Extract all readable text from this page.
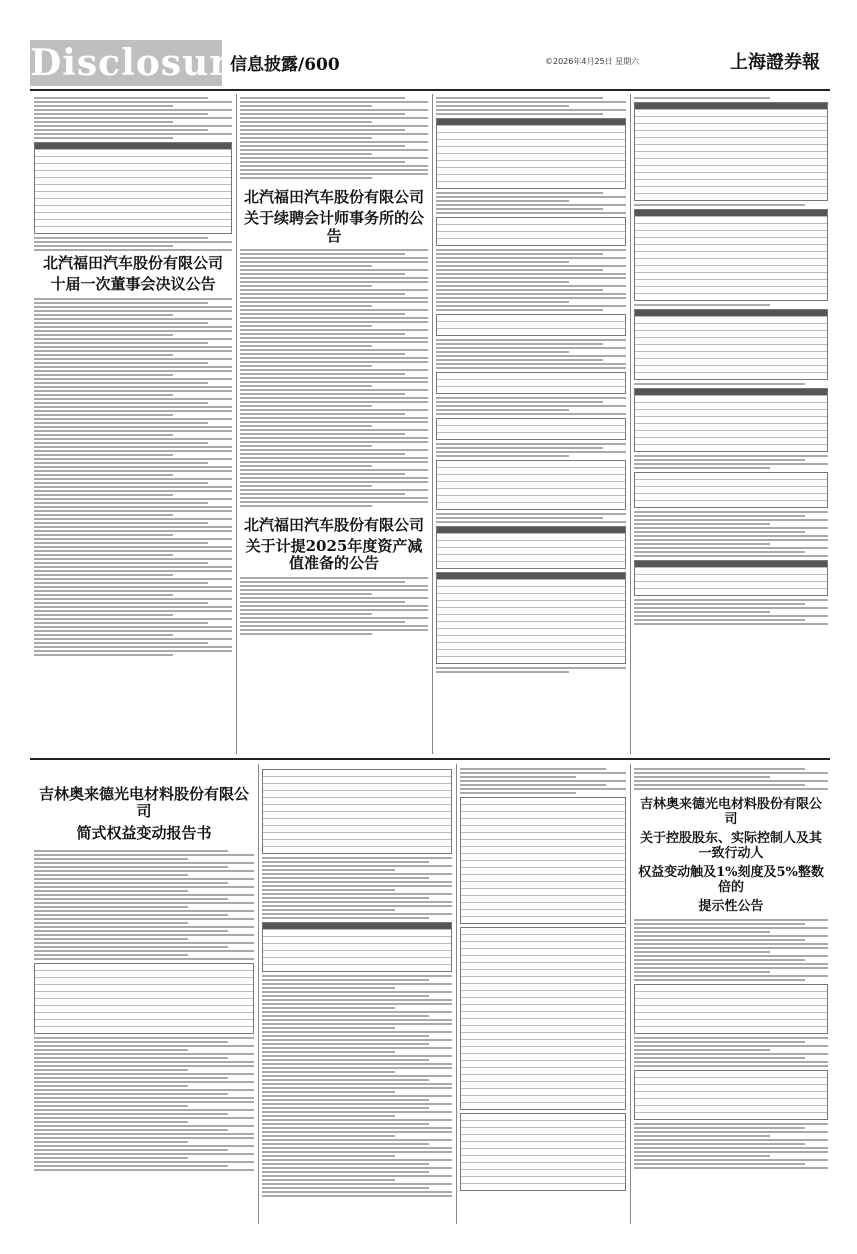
Disclosure
信息披露/600	©2026年4月25日 星期六	上海證券報
北汽福田汽车股份有限公司
十届一次董事会决议公告
北汽福田汽车股份有限公司
关于续聘会计师事务所的公告
北汽福田汽车股份有限公司
关于计提2025年度资产减值准备的公告
吉林奥来德光电材料股份有限公司
简式权益变动报告书
吉林奥来德光电材料股份有限公司
关于控股股东、实际控制人及其一致行动人
权益变动触及1%刻度及5%整数倍的
提示性公告
